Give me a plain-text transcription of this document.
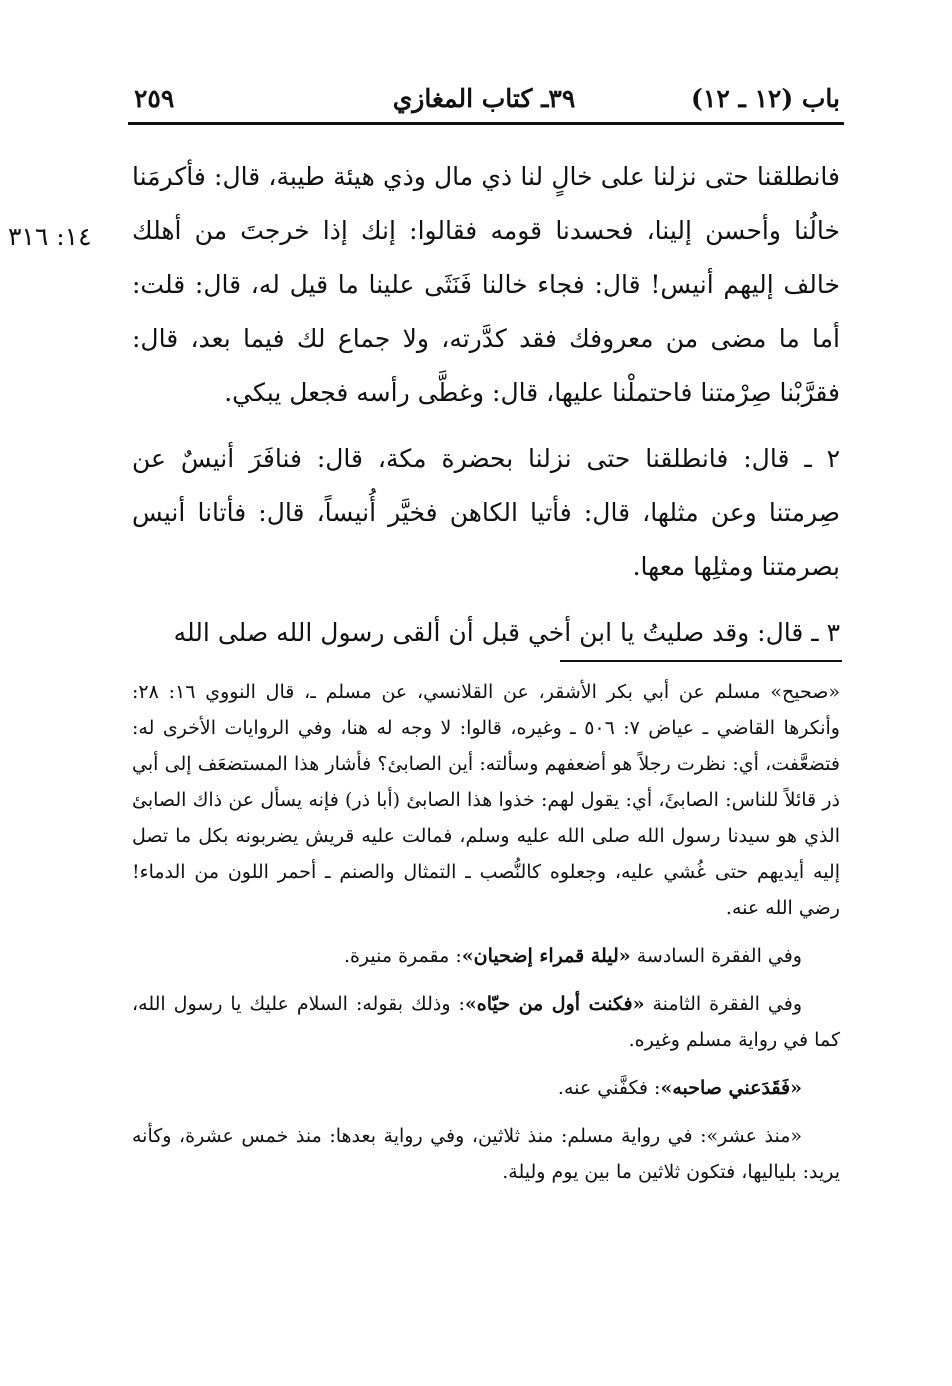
باب (١٢ ـ ١٢)
٣٩ـ كتاب المغازي
٢٥٩
١٤: ٣١٦

فانطلقنا حتى نزلنا على خالٍ لنا ذي مال وذي هيئة طيبة، قال: فأكرمَنا خالُنا وأحسن إلينا، فحسدنا قومه فقالوا: إنك إذا خرجتَ من أهلك خالف إليهم أنيس! قال: فجاء خالنا فَنَثَى علينا ما قيل له، قال: قلت: أما ما مضى من معروفك فقد كدَّرته، ولا جماع لك فيما بعد، قال: فقرَّبْنا صِرْمتنا فاحتملْنا عليها، قال: وغطَّى رأسه فجعل يبكي.

٢ ـ قال: فانطلقنا حتى نزلنا بحضرة مكة، قال: فنافَرَ أنيسٌ عن صِرمتنا وعن مثلها، قال: فأتيا الكاهن فخيَّر أُنيساً، قال: فأتانا أنيس بصرمتنا ومثلِها معها.

٣ ـ قال: وقد صليتُ يا ابن أخي قبل أن ألقى رسول الله صلى الله

«صحيح» مسلم عن أبي بكر الأشقر، عن القلانسي، عن مسلم ـ، قال النووي ١٦: ٢٨: وأنكرها القاضي ـ عياض ٧: ٥٠٦ ـ وغيره، قالوا: لا وجه له هنا، وفي الروايات الأخرى له: فتضعَّفت، أي: نظرت رجلاً هو أضعفهم وسألته: أين الصابئ؟ فأشار هذا المستضعَف إلى أبي ذر قائلاً للناس: الصابئَ، أي: يقول لهم: خذوا هذا الصابئ (أبا ذر) فإنه يسأل عن ذاك الصابئ الذي هو سيدنا رسول الله صلى الله عليه وسلم، فمالت عليه قريش يضربونه بكل ما تصل إليه أيديهم حتى غُشي عليه، وجعلوه كالنُّصب ـ التمثال والصنم ـ أحمر اللون من الدماء! رضي الله عنه.

وفي الفقرة السادسة «ليلة قمراء إضحيان»: مقمرة منيرة.

وفي الفقرة الثامنة «فكنت أول من حيّاه»: وذلك بقوله: السلام عليك يا رسول الله، كما في رواية مسلم وغيره.

«فَقَدَعني صاحبه»: فكفَّني عنه.

«منذ عشر»: في رواية مسلم: منذ ثلاثين، وفي رواية بعدها: منذ خمس عشرة، وكأنه يريد: بلياليها، فتكون ثلاثين ما بين يوم وليلة.
